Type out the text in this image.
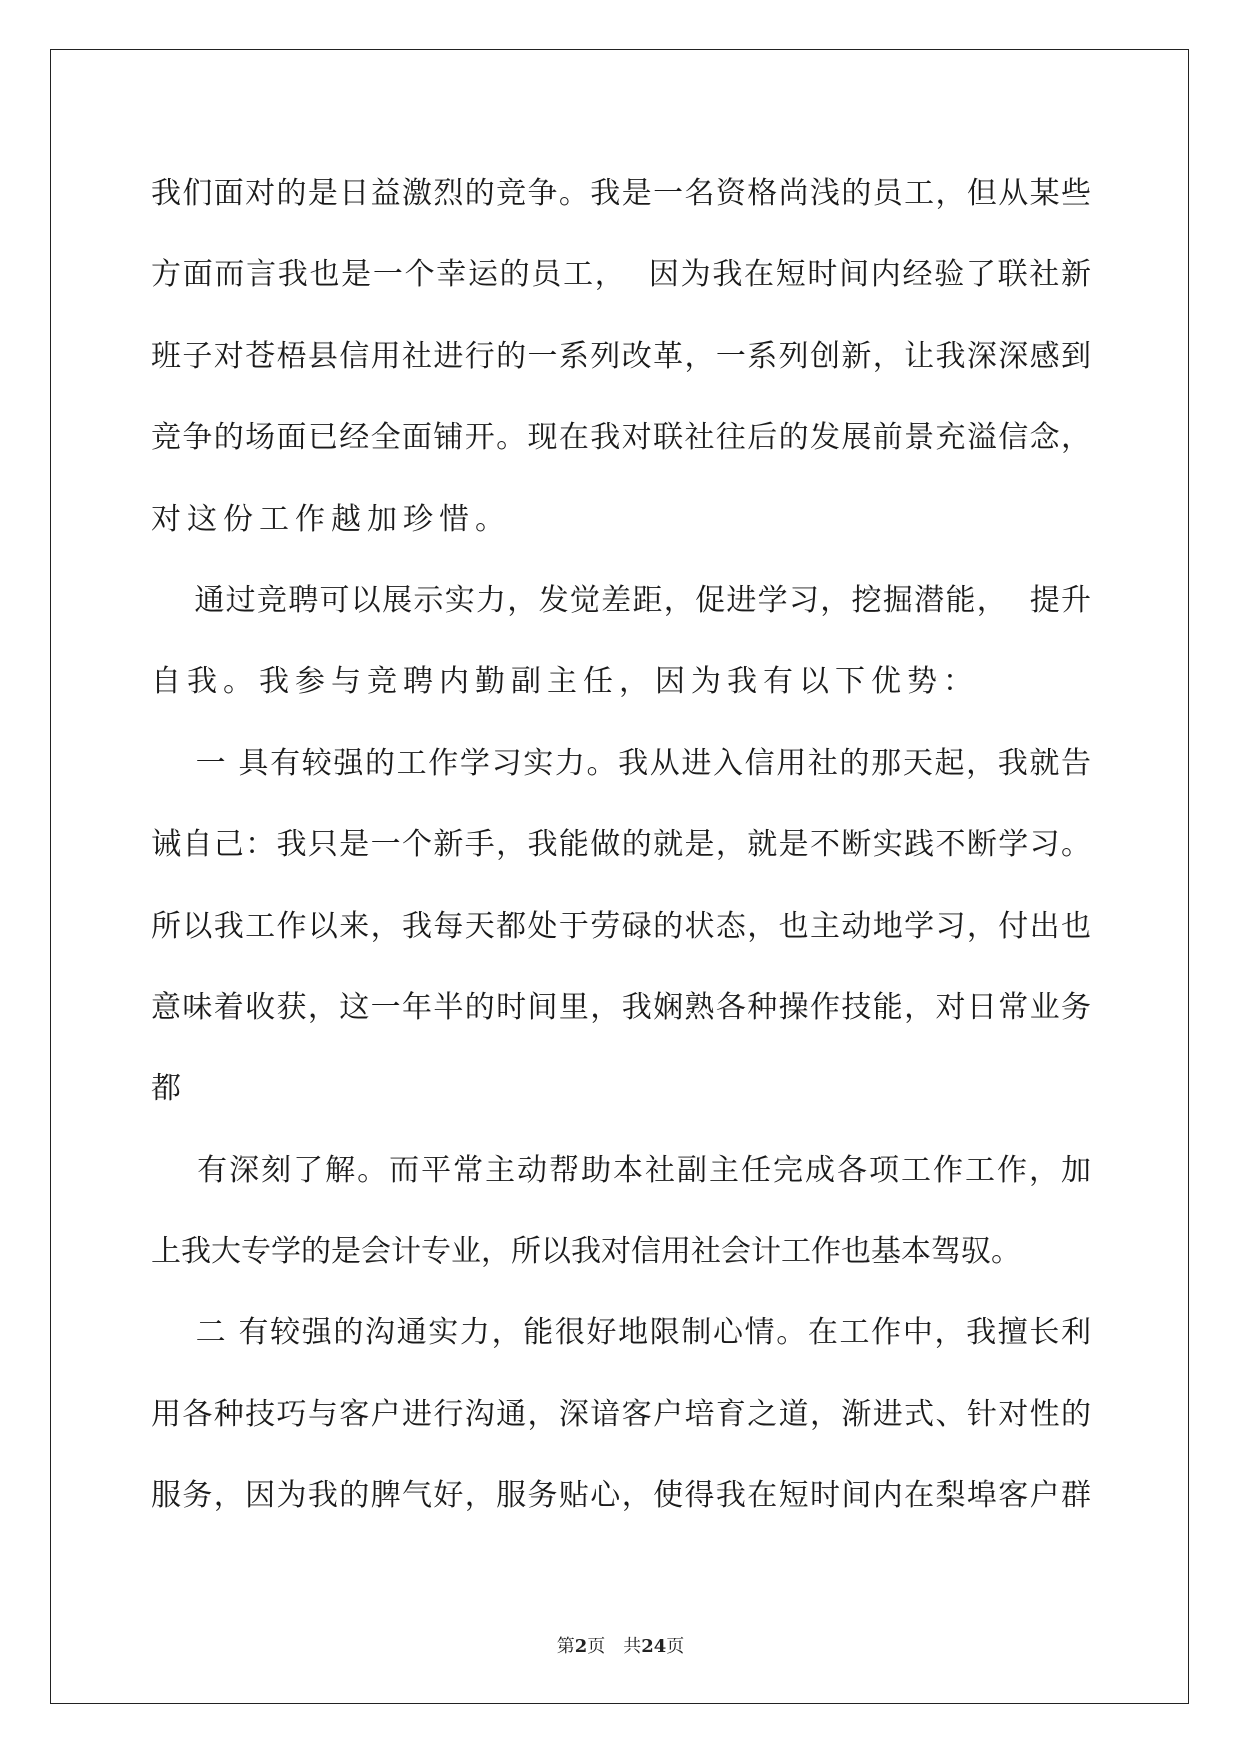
我们面对的是日益激烈的竞争。我是一名资格尚浅的员工，但从某些
方面而言我也是一个幸运的员工，  因为我在短时间内经验了联社新
班子对苍梧县信用社进行的一系列改革，一系列创新，让我深深感到
竞争的场面已经全面铺开。现在我对联社往后的发展前景充溢信念，
对这份工作越加珍惜。
通过竞聘可以展示实力，发觉差距，促进学习，挖掘潜能，  提升
自我。我参与竞聘内勤副主任，因为我有以下优势：
一 具有较强的工作学习实力。我从进入信用社的那天起，我就告
诫自己：我只是一个新手，我能做的就是，就是不断实践不断学习。
所以我工作以来，我每天都处于劳碌的状态，也主动地学习，付出也
意味着收获，这一年半的时间里，我娴熟各种操作技能，对日常业务
都
有深刻了解。而平常主动帮助本社副主任完成各项工作工作，加
上我大专学的是会计专业，所以我对信用社会计工作也基本驾驭。
二 有较强的沟通实力，能很好地限制心情。在工作中，我擅长利
用各种技巧与客户进行沟通，深谙客户培育之道，渐进式、针对性的
服务，因为我的脾气好，服务贴心，使得我在短时间内在梨埠客户群
第2页 共24页
